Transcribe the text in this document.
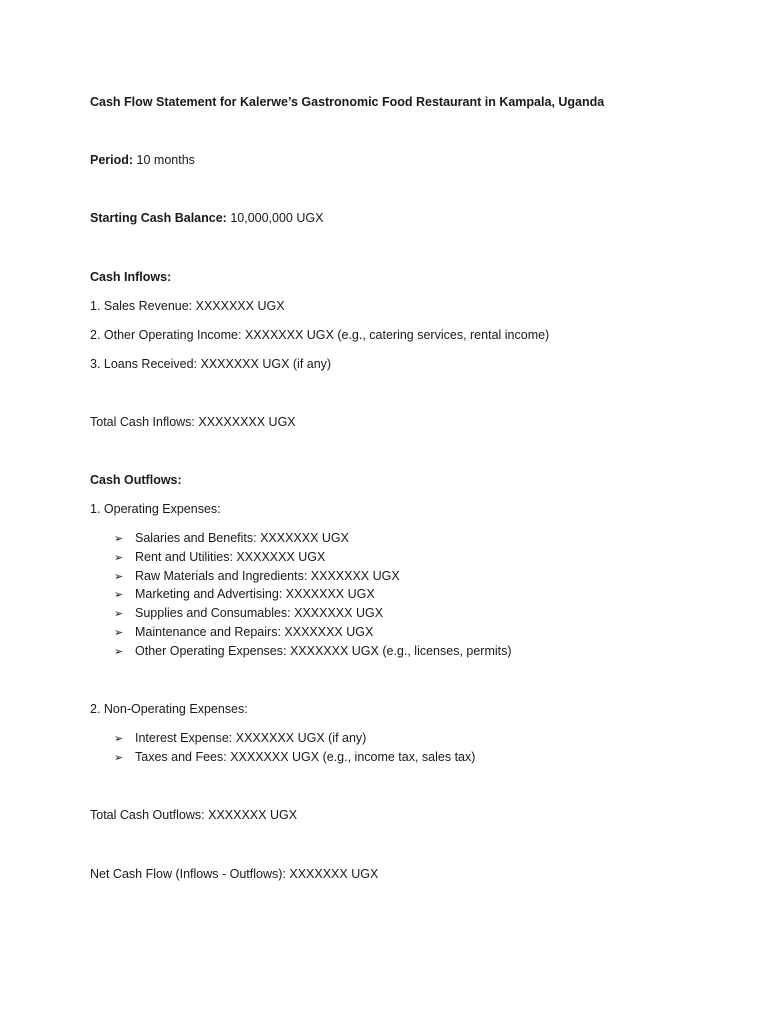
Cash Flow Statement for Kalerwe’s Gastronomic Food Restaurant in Kampala, Uganda
Period: 10 months
Starting Cash Balance: 10,000,000 UGX
Cash Inflows:
1. Sales Revenue: XXXXXXX UGX
2. Other Operating Income: XXXXXXX UGX (e.g., catering services, rental income)
3. Loans Received: XXXXXXX UGX (if any)
Total Cash Inflows: XXXXXXXX UGX
Cash Outflows:
1. Operating Expenses:
➢ Salaries and Benefits: XXXXXXX UGX
➢ Rent and Utilities: XXXXXXX UGX
➢ Raw Materials and Ingredients: XXXXXXX UGX
➢ Marketing and Advertising: XXXXXXX UGX
➢ Supplies and Consumables: XXXXXXX UGX
➢ Maintenance and Repairs: XXXXXXX UGX
➢ Other Operating Expenses: XXXXXXX UGX (e.g., licenses, permits)
2. Non-Operating Expenses:
➢ Interest Expense: XXXXXXX UGX (if any)
➢ Taxes and Fees: XXXXXXX UGX (e.g., income tax, sales tax)
Total Cash Outflows: XXXXXXX UGX
Net Cash Flow (Inflows - Outflows): XXXXXXX UGX
